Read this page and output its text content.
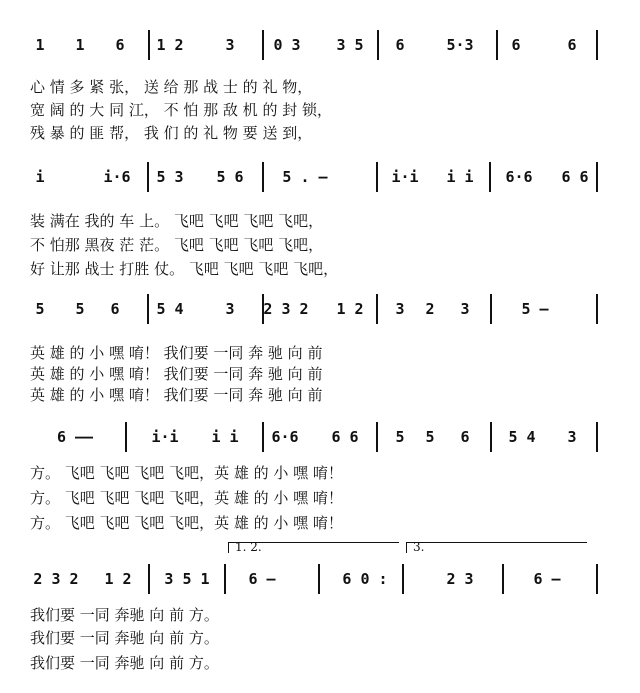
1 1 6 1 2	3	0 3 3 5 6	5·3	6	6
心 情 多 紧 张， 送 给 那 战 士 的 礼 物，
宽 阔 的 大 同 江， 不 怕 那 敌 机 的 封 锁，
残 暴 的 匪 帮， 我 们 的 礼 物 要 送 到，
i	i·6 5 3 5 6	5 . —	i·i i i 6·6 6 6
装 满在 我的 车 上。 飞吧 飞吧 飞吧 飞吧，
不 怕那 黑夜 茫 茫。 飞吧 飞吧 飞吧 飞吧，
好 让那 战士 打胜 仗。 飞吧 飞吧 飞吧 飞吧，
5 5 6 5 4	3 2 3 2 1 2 3 2 3	5 —
英 雄 的 小 嘿 唷！ 我们要 一同 奔 驰 向 前
英 雄 的 小 嘿 唷！ 我们要 一同 奔 驰 向 前
英 雄 的 小 嘿 唷！ 我们要 一同 奔 驰 向 前
6 ——	i·i i i 6·6 6 6 5 5 6	5 4 3
方。 飞吧 飞吧 飞吧 飞吧，英 雄 的 小 嘿 唷！
方。 飞吧 飞吧 飞吧 飞吧，英 雄 的 小 嘿 唷！
方。 飞吧 飞吧 飞吧 飞吧，英 雄 的 小 嘿 唷！
2 3 2 1 2 3 5 1	6 —	6 0 :	2 3	6 —
我们要 一同 奔驰 向 前 方。
我们要 一同 奔驰 向 前 方。
我们要 一同 奔驰 向 前 方。
1. 2.	3.
